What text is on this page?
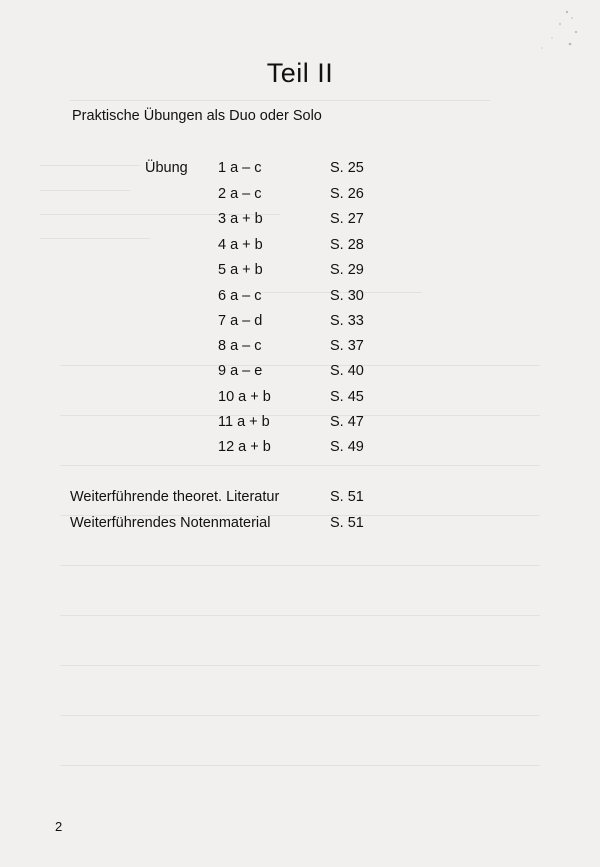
Teil II
Praktische Übungen als Duo oder Solo
Übung 1 a – c	S. 25
2 a – c	S. 26
3 a + b	S. 27
4 a + b	S. 28
5 a + b	S. 29
6 a – c	S. 30
7 a – d	S. 33
8 a – c	S. 37
9 a – e	S. 40
10 a + b	S. 45
11 a + b	S. 47
12 a + b	S. 49
Weiterführende theoret. Literatur	S. 51
Weiterführendes Notenmaterial	S. 51
2
